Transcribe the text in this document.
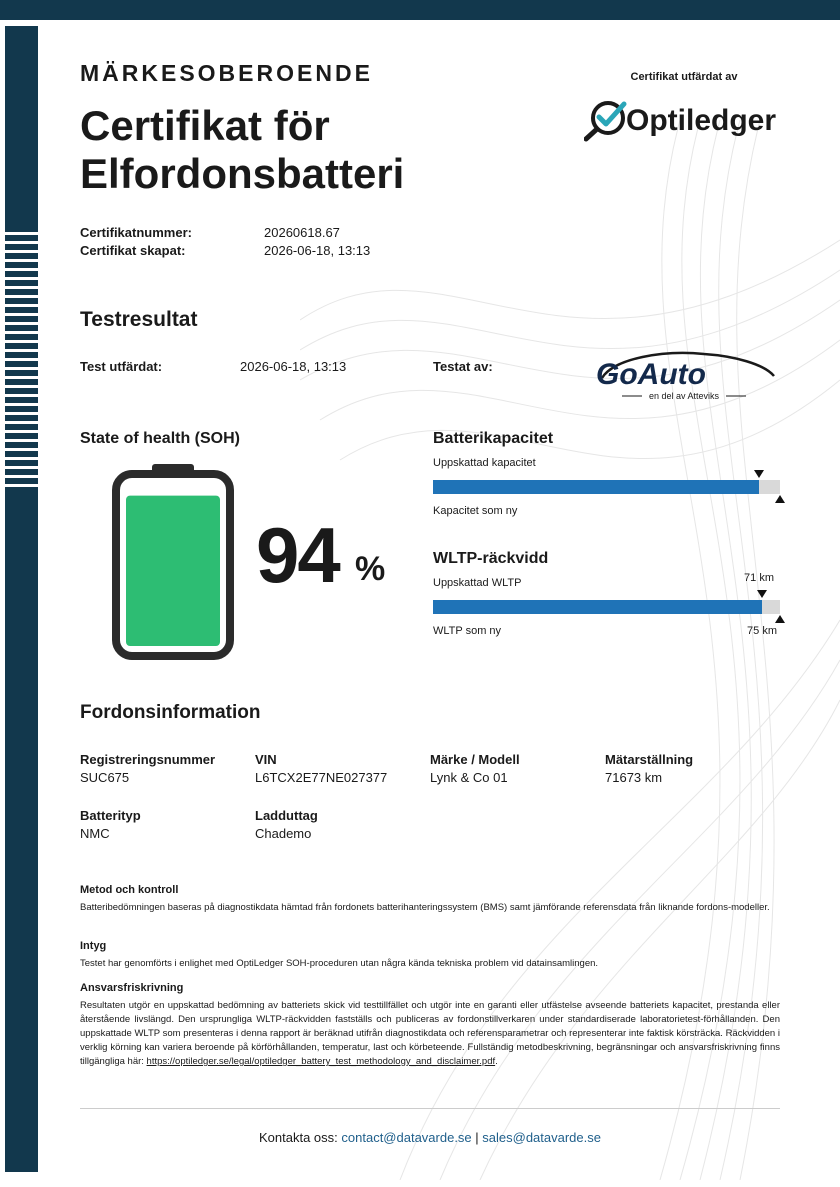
MÄRKESOBEROENDE
Certifikat för
Elfordonsbatteri
Certifikat utfärdat av
Optiledger
Certifikatnummer:	20260618.67
Certifikat skapat:	2026-06-18, 13:13
Testresultat
Test utfärdat:	2026-06-18, 13:13	Testat av:	GoAuto
en del av Atteviks
State of health (SOH)
94 %
Batterikapacitet
Uppskattad kapacitet
Kapacitet som ny
WLTP-räckvidd
Uppskattad WLTP	71 km
WLTP som ny	75 km
Fordonsinformation
Registreringsnummer
SUC675
VIN
L6TCX2E77NE027377
Märke / Modell
Lynk & Co 01
Mätarställning
71673 km
Batterityp
NMC
Ladduttag
Chademo
Metod och kontroll
Batteribedömningen baseras på diagnostikdata hämtad från fordonets batterihanteringssystem (BMS) samt jämförande referensdata från liknande fordons-modeller.
Intyg
Testet har genomförts i enlighet med OptiLedger SOH-proceduren utan några kända tekniska problem vid datainsamlingen.
Ansvarsfriskrivning
Resultaten utgör en uppskattad bedömning av batteriets skick vid testtillfället och utgör inte en garanti eller utfästelse avseende batteriets kapacitet, prestanda eller återstående livslängd. Den ursprungliga WLTP-räckvidden fastställs och publiceras av fordonstillverkaren under standardiserade laboratorietest-förhållanden. Den uppskattade WLTP som presenteras i denna rapport är beräknad utifrån diagnostikdata och referensparametrar och representerar inte faktisk körsträcka. Räckvidden i verklig körning kan variera beroende på körförhållanden, temperatur, last och körbeteende. Fullständig metodbeskrivning, begränsningar och ansvarsfriskrivning finns tillgängliga här: https://optiledger.se/legal/optiledger_battery_test_methodology_and_disclaimer.pdf.
Kontakta oss: contact@datavarde.se | sales@datavarde.se
